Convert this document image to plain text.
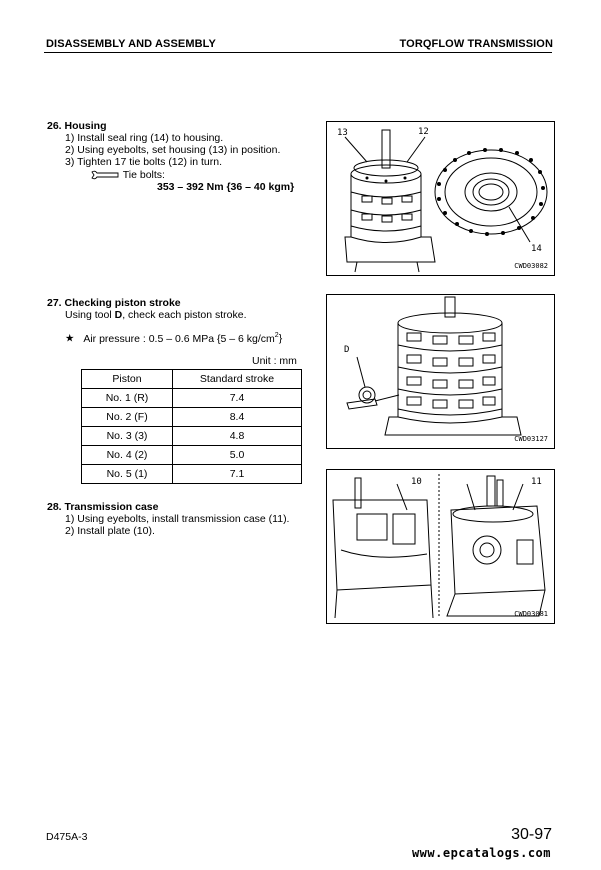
DISASSEMBLY AND ASSEMBLY	TORQFLOW TRANSMISSION
26. Housing
1) Install seal ring (14) to housing.
2) Using eyebolts, set housing (13) in position.
3) Tighten 17 tie bolts (12) in turn.
Tie bolts:
353 – 392 Nm {36 – 40 kgm}
13	12
14
CWD03082
27. Checking piston stroke
Using tool D, check each piston stroke.
★ Air pressure : 0.5 – 0.6 MPa {5 – 6 $kg/cm^2$}
Unit : mm
Piston	Standard stroke
No. 1 (R)	7.4
No. 2 (F)	8.4
No. 3 (3)	4.8
No. 4 (2)	5.0
No. 5 (1)	7.1
D
CWD03127
28. Transmission case
1) Using eyebolts, install transmission case (11).
2) Install plate (10).
10	11
CWD03081
D475A-3	30-97
www.epcatalogs.com
